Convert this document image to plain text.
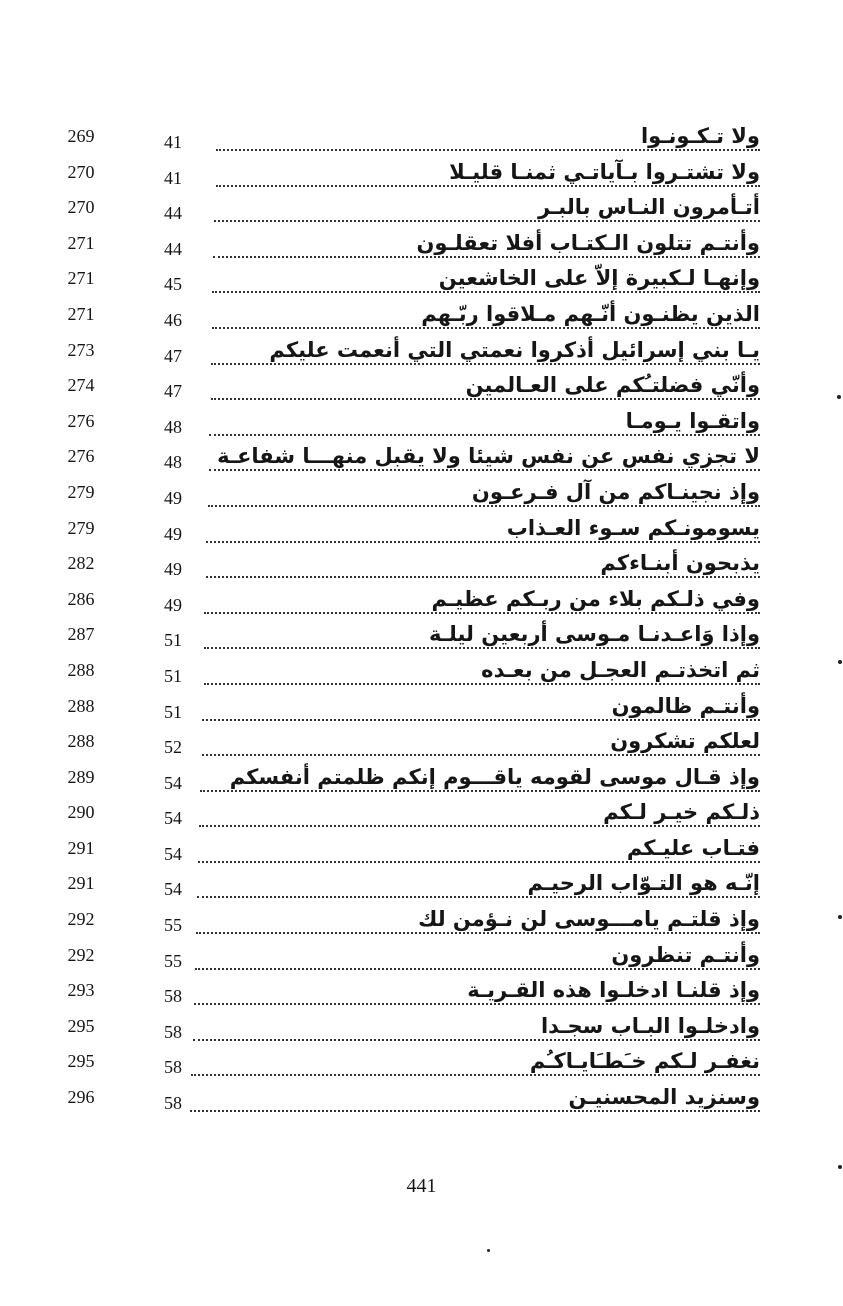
269	41	ولا تـكـونـوا
270	41	ولا تشتـروا بـآياتـي ثمنـا قليـلا
270	44	أتـأمرون النـاس بالبـر
271	44	وأنتـم تتلون الـكتـاب أفلا تعقلـون
271	45	وإنهـا لـكبيرة إلاّ على الخاشعين
271	46	الذين يظنـون أنّـهم مـلاقوا ربّـهم
273	47	يـا بني إسرائيل أذكروا نعمتي التي أنعمت عليكم
274	47	وأنّي فضلتـُكم على العـالمين
276	48	واتقـوا يـومـا
276	48	لا تجزي نفس عن نفس شيئا ولا يقبل منهـــا شفاعـة
279	49	وإذ نجينـاكم من آل فـرعـون
279	49	يسومونـكم سـوء العـذاب
282	49	يذبحون أبنـاءكم
286	49	وفي ذلـكم بلاء من ربـكم عظيـم
287	51	وإذا وَاعـدنـا مـوسى أربعين ليلـة
288	51	ثم اتخذتـم العجـل من بعـده
288	51	وأنتـم ظالمون
288	52	لعلكم تشكرون
289	54	وإذ قـال موسى لقومه ياقـــوم إنكم ظلمتم أنفسكم
290	54	ذلـكم خيـر لـكم
291	54	فتـاب عليـكم
291	54	إنّـه هو التـوّاب الرحيـم
292	55	وإذ قلتـم يامـــوسى لن نـؤمن لك
292	55	وأنتـم تنظرون
293	58	وإذ قلنـا ادخلـوا هذه القـريـة
295	58	وادخلـوا البـاب سجـدا
295	58	نغفـر لـكم خـَطـَايـاكـُم
296	58	وسنزيد المحسنيـن
441
